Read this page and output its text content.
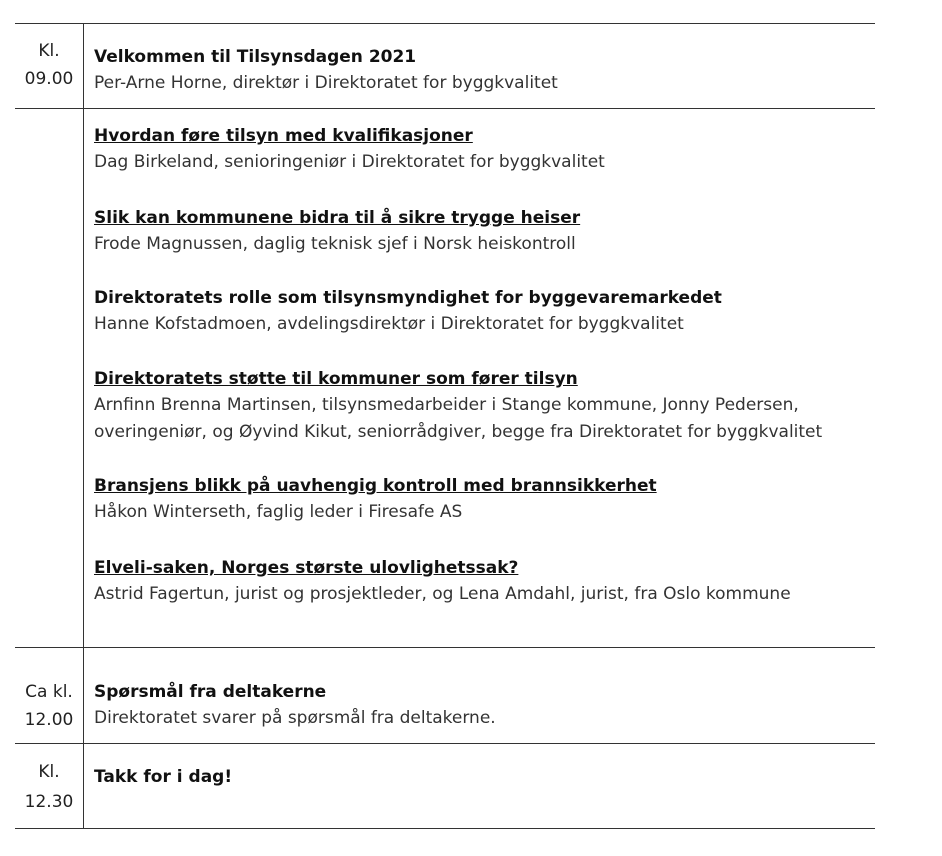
Kl.
09.00
Velkommen til Tilsynsdagen 2021
Per-Arne Horne, direktør i Direktoratet for byggkvalitet
Hvordan føre tilsyn med kvalifikasjoner
Dag Birkeland, senioringeniør i Direktoratet for byggkvalitet
Slik kan kommunene bidra til å sikre trygge heiser
Frode Magnussen, daglig teknisk sjef i Norsk heiskontroll
Direktoratets rolle som tilsynsmyndighet for byggevaremarkedet
Hanne Kofstadmoen, avdelingsdirektør i Direktoratet for byggkvalitet
Direktoratets støtte til kommuner som fører tilsyn
Arnfinn Brenna Martinsen, tilsynsmedarbeider i Stange kommune, Jonny Pedersen,
overingeniør, og Øyvind Kikut, seniorrådgiver, begge fra Direktoratet for byggkvalitet
Bransjens blikk på uavhengig kontroll med brannsikkerhet
Håkon Winterseth, faglig leder i Firesafe AS
Elveli-saken, Norges største ulovlighetssak?
Astrid Fagertun, jurist og prosjektleder, og Lena Amdahl, jurist, fra Oslo kommune
Ca kl.
12.00
Spørsmål fra deltakerne
Direktoratet svarer på spørsmål fra deltakerne.
Kl.
12.30
Takk for i dag!
